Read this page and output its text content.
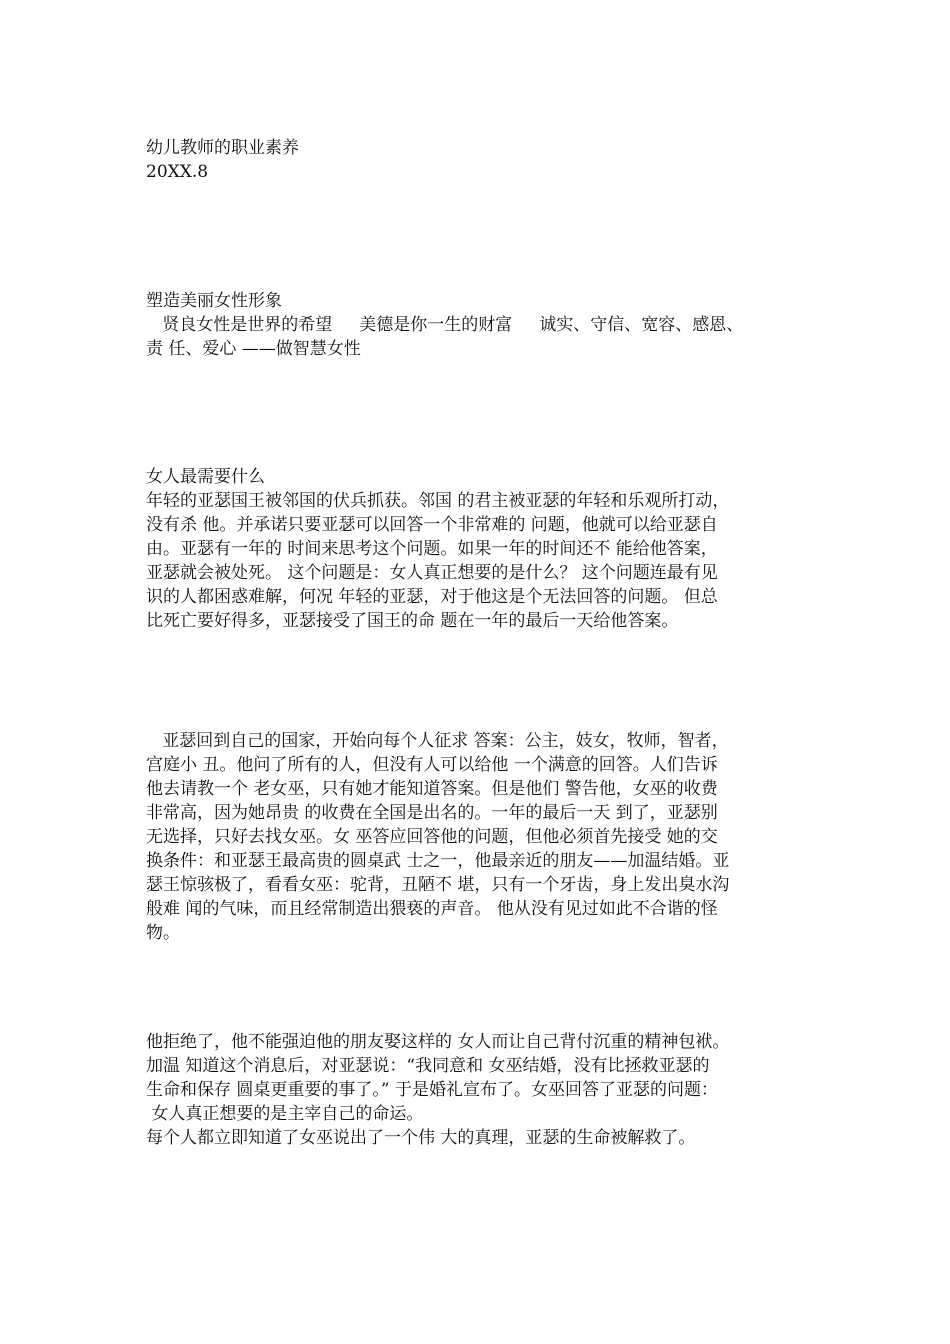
幼儿教师的职业素养
20XX.8
塑造美丽女性形象
贤良女性是世界的希望     美德是你一生的财富     诚实、守信、宽容、感恩、
责 任、爱心 ——做智慧女性
女人最需要什么
年轻的亚瑟国王被邻国的伏兵抓获。邻国 的君主被亚瑟的年轻和乐观所打动，
没有杀 他。并承诺只要亚瑟可以回答一个非常难的 问题，他就可以给亚瑟自
由。亚瑟有一年的 时间来思考这个问题。如果一年的时间还不 能给他答案，
亚瑟就会被处死。 这个问题是：女人真正想要的是什么？ 这个问题连最有见
识的人都困惑难解，何况 年轻的亚瑟，对于他这是个无法回答的问题。 但总
比死亡要好得多，亚瑟接受了国王的命 题在一年的最后一天给他答案。
亚瑟回到自己的国家，开始向每个人征求 答案：公主，妓女，牧师，智者，
宫庭小 丑。他问了所有的人，但没有人可以给他 一个满意的回答。人们告诉
他去请教一个 老女巫，只有她才能知道答案。但是他们 警告他，女巫的收费
非常高，因为她昂贵 的收费在全国是出名的。一年的最后一天 到了，亚瑟别
无选择，只好去找女巫。女 巫答应回答他的问题，但他必须首先接受 她的交
换条件：和亚瑟王最高贵的圆桌武 士之一，他最亲近的朋友——加温结婚。亚
瑟王惊骇极了，看看女巫：驼背，丑陋不 堪，只有一个牙齿，身上发出臭水沟
般难 闻的气味，而且经常制造出猥亵的声音。 他从没有见过如此不合谐的怪
物。
他拒绝了，他不能强迫他的朋友娶这样的 女人而让自己背付沉重的精神包袱。
加温 知道这个消息后，对亚瑟说：“我同意和 女巫结婚，没有比拯救亚瑟的
生命和保存 圆桌更重要的事了。” 于是婚礼宣布了。女巫回答了亚瑟的问题：
女人真正想要的是主宰自己的命运。
每个人都立即知道了女巫说出了一个伟 大的真理，亚瑟的生命被解救了。
